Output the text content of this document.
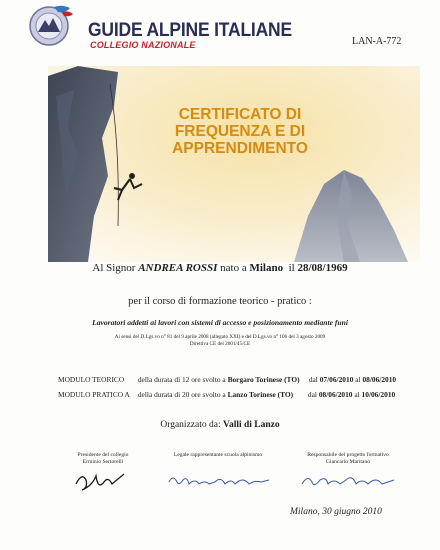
GUIDE ALPINE ITALIANE
COLLEGIO NAZIONALE	LAN-A-772
CERTIFICATO DI
FREQUENZA E DI
APPRENDIMENTO
Al Signor ANDREA ROSSI nato a Milano il 28/08/1969
per il corso di formazione teorico - pratico :
Lavoratori addetti ai lavori con sistemi di accesso e posizionamento mediante funi
Ai sensi del D.Lgs.vo n° 81 del 9 aprile 2008 (allegato XXI) e del D.Lgs.vo n° 106 del 3 agosto 2009
Direttiva CE del 2001/45/CE
MODULO TEORICO della durata di 12 ore svolto a Borgaro Torinese (TO) dal 07/06/2010 al 08/06/2010
MODULO PRATICO A della durata di 20 ore svolto a Lanzo Torinese (TO) dal 08/06/2010 al 10/06/2010
Organizzato da: Valli di Lanzo
Presidente del collegio
Erminio Sertorelli
Legale rappresentante scuola alpinismo	Responsabile del progetto formativo
Giancarlo Maritano
Milano, 30 giugno 2010
